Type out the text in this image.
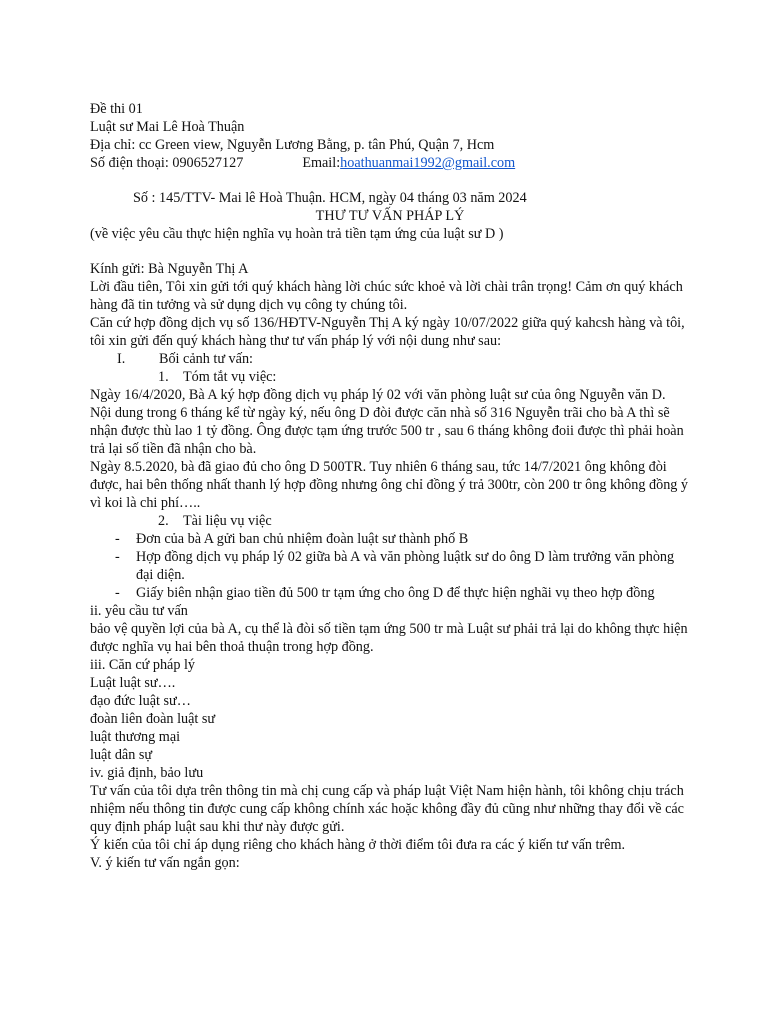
Đề thi 01
Luật sư Mai Lê Hoà Thuận
Địa chỉ: cc Green view, Nguyễn Lương Bằng, p. tân Phú, Quận 7, Hcm
Số điện thoại: 0906527127	Email:hoathuanmai1992@gmail.com
Số : 145/TTV- Mai lê Hoà Thuận. HCM, ngày 04 tháng 03 năm 2024
THƯ TƯ VẤN PHÁP LÝ
(về việc yêu cầu thực hiện nghĩa vụ hoàn trả tiền tạm ứng của luật sư D )
Kính gửi: Bà Nguyễn Thị A
Lời đầu tiên, Tôi xin gửi tới quý khách hàng lời chúc sức khoẻ và lời chài trân trọng! Cảm ơn quý khách hàng đã tin tưởng và sử dụng dịch vụ công ty chúng tôi.
Căn cứ hợp đồng dịch vụ số 136/HĐTV-Nguyễn Thị A ký ngày 10/07/2022 giữa quý kahcsh hàng và tôi, tôi xin gửi đến quý khách hàng thư tư vấn pháp lý với nội dung như sau:
I. Bối cảnh tư vấn:
1. Tóm tắt vụ việc:
Ngày 16/4/2020, Bà A ký hợp đồng dịch vụ pháp lý 02 với văn phòng luật sư của ông Nguyễn văn D. Nội dung trong 6 tháng kể từ ngày ký, nếu ông D đòi được căn nhà số 316 Nguyễn trãi cho bà A thì sẽ nhận được thù lao 1 tỷ đồng. Ông được tạm ứng trước 500 tr , sau 6 tháng không đoii được thì phải hoàn trả lại số tiền đã nhận cho bà.
Ngày 8.5.2020, bà đã giao đủ cho ông D 500TR. Tuy nhiên 6 tháng sau, tức 14/7/2021 ông không đòi được, hai bên thống nhất thanh lý hợp đồng nhưng ông chỉ đồng ý trả 300tr, còn 200 tr ông không đồng ý vì koi là chi phí…..
2. Tài liệu vụ việc
- Đơn của bà A gửi ban chủ nhiệm đoàn luật sư thành phố B
- Hợp đồng dịch vụ pháp lý 02 giữa bà A và văn phòng luậtk sư do ông D làm trưởng văn phòng đại diện.
- Giấy biên nhận giao tiền đủ 500 tr tạm ứng cho ông D để thực hiện nghãi vụ theo hợp đồng
ii. yêu cầu tư vấn
bảo vệ quyền lợi của bà A, cụ thể là đòi số tiền tạm ứng 500 tr mà Luật sư phải trả lại do không thực hiện được nghĩa vụ hai bên thoả thuận trong hợp đồng.
iii. Căn cứ pháp lý
Luật luật sư….
đạo đức luật sư…
đoàn liên đoàn luật sư
luật thương mại
luật dân sự
iv. giả định, bảo lưu
Tư vấn của tôi dựa trên thông tin mà chị cung cấp và pháp luật Việt Nam hiện hành, tôi không chịu trách nhiệm nếu thông tin được cung cấp không chính xác hoặc không đầy đủ cũng như những thay đổi về các quy định pháp luật sau khi thư này được gửi.
Ý kiến của tôi chỉ áp dụng riêng cho khách hàng ở thời điểm tôi đưa ra các ý kiến tư vấn trêm.
V. ý kiến tư vấn ngắn gọn:
